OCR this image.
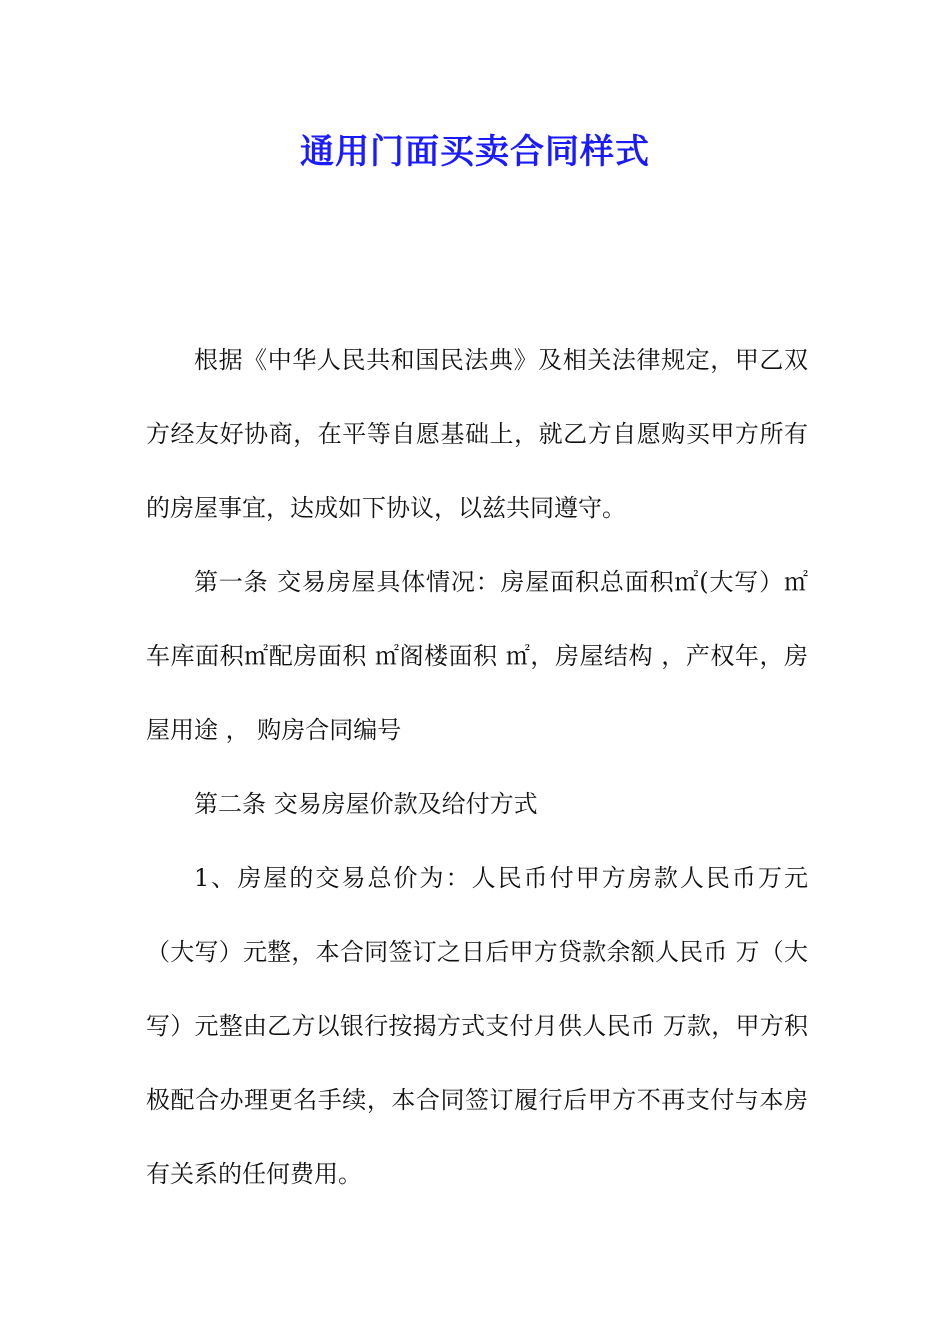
通用门面买卖合同样式

根据《中华人民共和国民法典》及相关法律规定，甲乙双方经友好协商，在平等自愿基础上，就乙方自愿购买甲方所有的房屋事宜，达成如下协议，以兹共同遵守。

第一条 交易房屋具体情况：房屋面积总面积㎡(大写）㎡车库面积㎡配房面积 ㎡阁楼面积 ㎡，房屋结构 ，产权年，房屋用途 ， 购房合同编号

第二条 交易房屋价款及给付方式

1、房屋的交易总价为：人民币付甲方房款人民币万元（大写）元整，本合同签订之日后甲方贷款余额人民币 万（大写）元整由乙方以银行按揭方式支付月供人民币 万款，甲方积极配合办理更名手续，本合同签订履行后甲方不再支付与本房有关系的任何费用。
